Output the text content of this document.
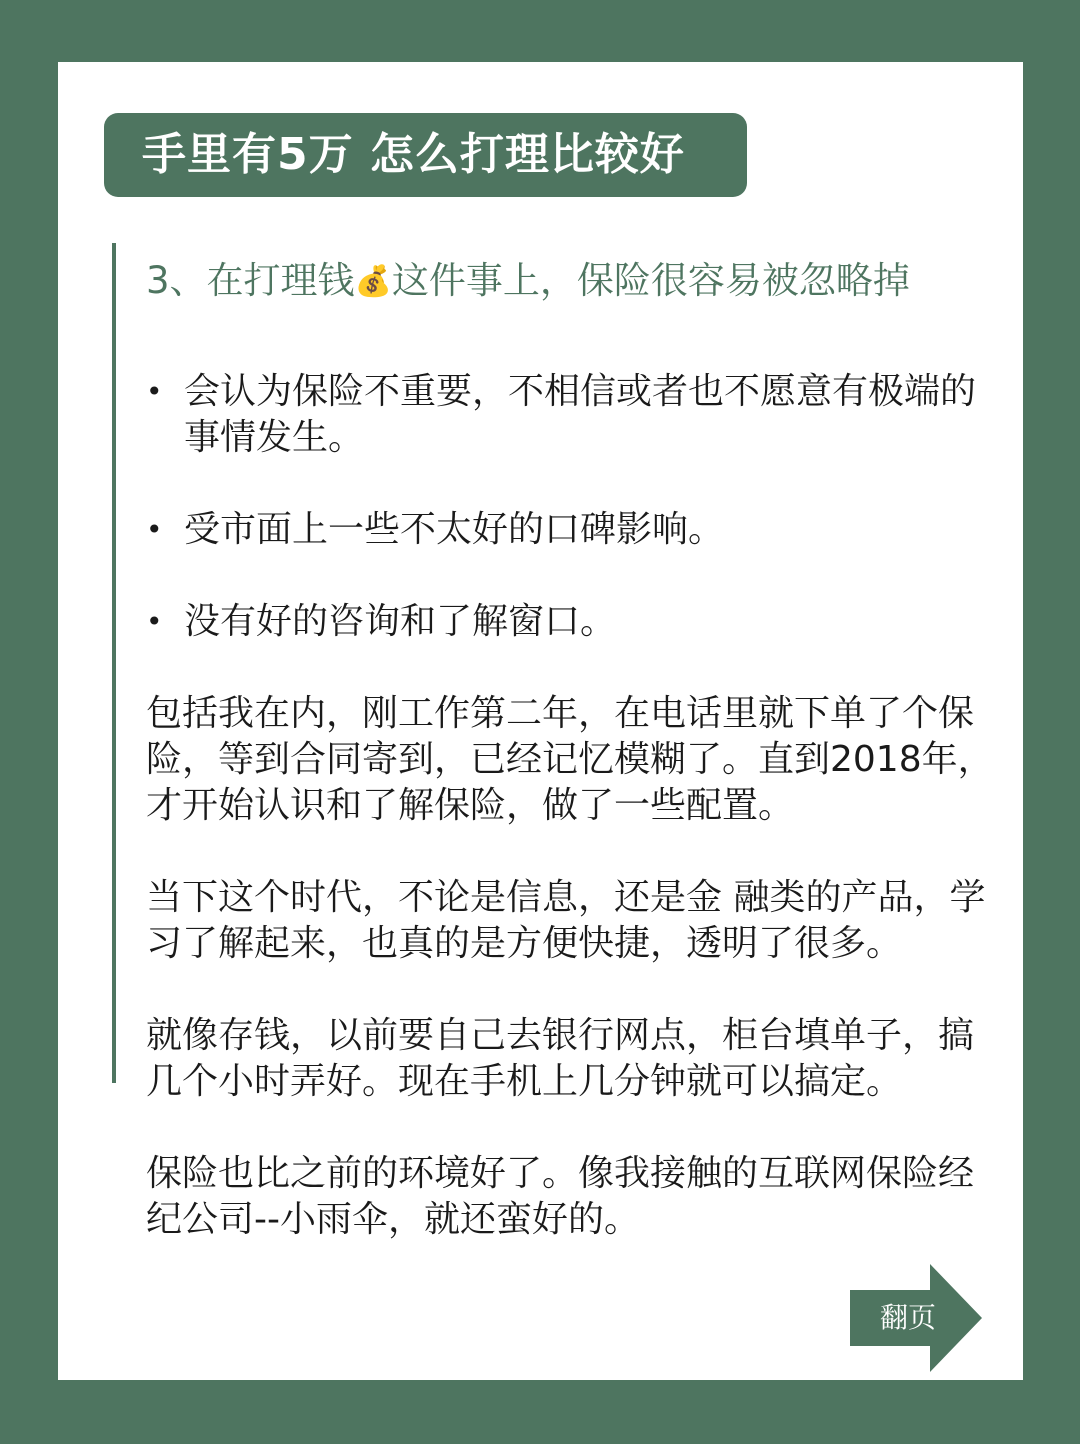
手里有5万 怎么打理比较好
3、在打理钱💰这件事上，保险很容易被忽略掉
• 会认为保险不重要，不相信或者也不愿意有极端的事情发生。
• 受市面上一些不太好的口碑影响。
• 没有好的咨询和了解窗口。

包括我在内，刚工作第二年，在电话里就下单了个保险，等到合同寄到，已经记忆模糊了。直到2018年，才开始认识和了解保险，做了一些配置。

当下这个时代，不论是信息，还是金 融类的产品，学习了解起来，也真的是方便快捷，透明了很多。

就像存钱，以前要自己去银行网点，柜台填单子，搞几个小时弄好。现在手机上几分钟就可以搞定。

保险也比之前的环境好了。像我接触的互联网保险经纪公司--小雨伞，就还蛮好的。

翻页
